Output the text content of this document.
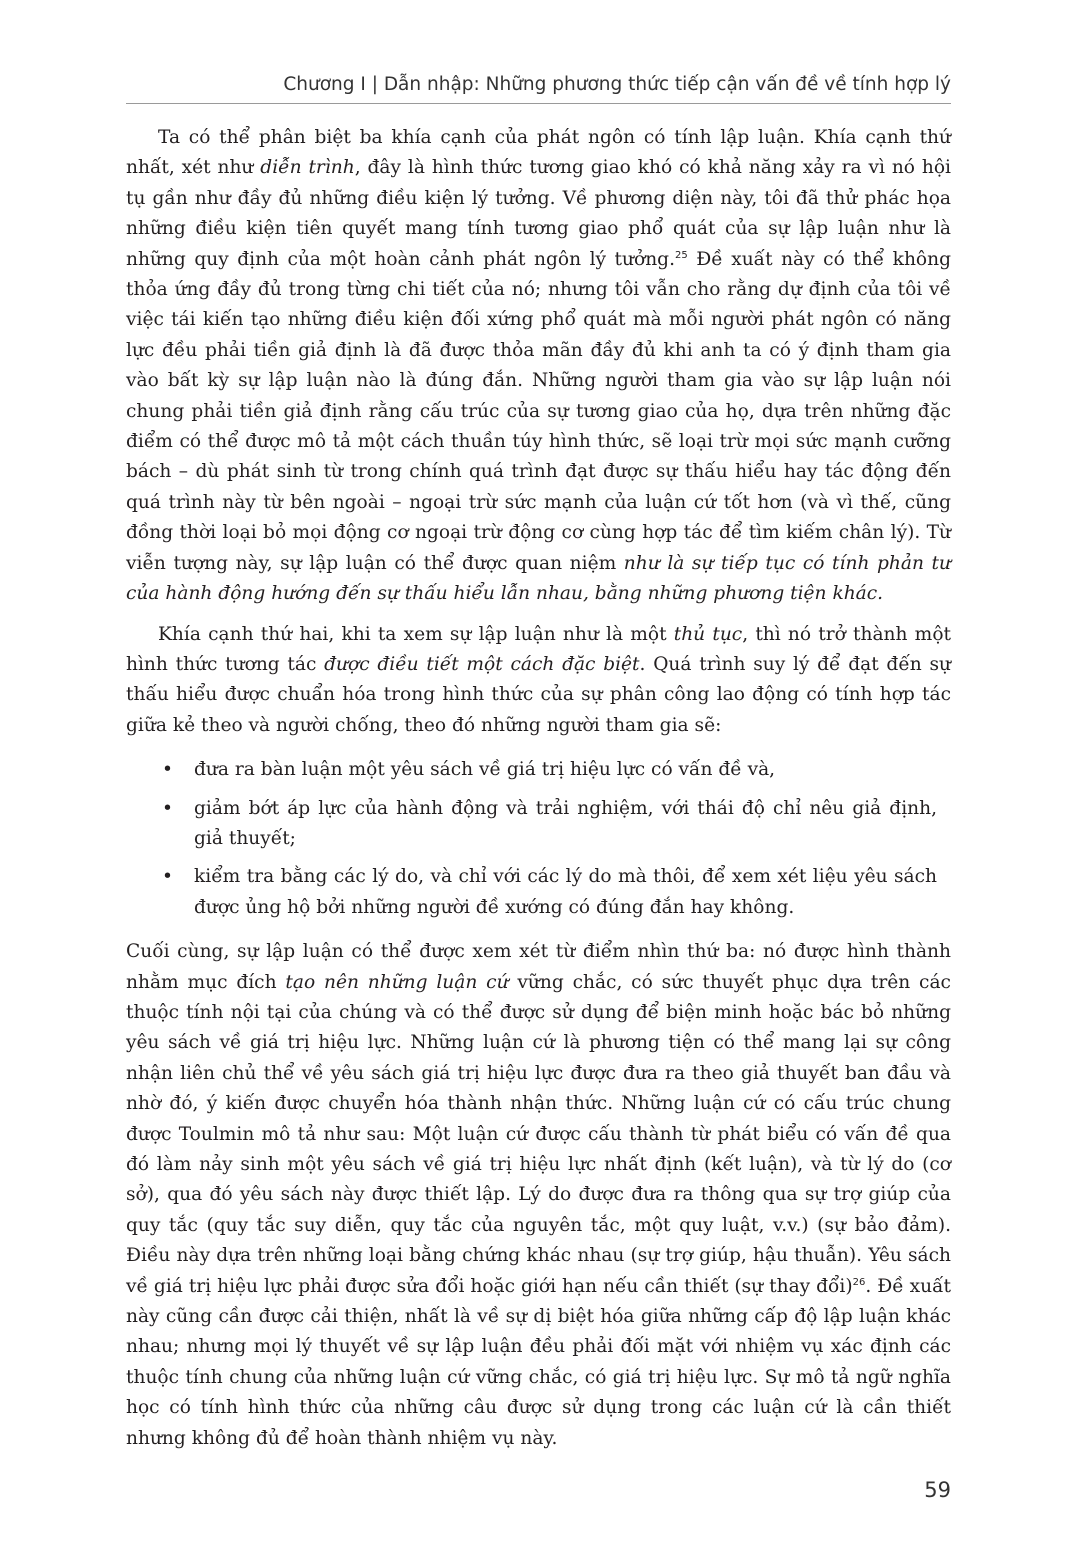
Chương I | Dẫn nhập: Những phương thức tiếp cận vấn đề về tính hợp lý

Ta có thể phân biệt ba khía cạnh của phát ngôn có tính lập luận. Khía cạnh thứ nhất, xét như diễn trình, đây là hình thức tương giao khó có khả năng xảy ra vì nó hội tụ gần như đầy đủ những điều kiện lý tưởng. Về phương diện này, tôi đã thử phác họa những điều kiện tiên quyết mang tính tương giao phổ quát của sự lập luận như là những quy định của một hoàn cảnh phát ngôn lý tưởng.$^{25}$ Đề xuất này có thể không thỏa ứng đầy đủ trong từng chi tiết của nó; nhưng tôi vẫn cho rằng dự định của tôi về việc tái kiến tạo những điều kiện đối xứng phổ quát mà mỗi người phát ngôn có năng lực đều phải tiền giả định là đã được thỏa mãn đầy đủ khi anh ta có ý định tham gia vào bất kỳ sự lập luận nào là đúng đắn. Những người tham gia vào sự lập luận nói chung phải tiền giả định rằng cấu trúc của sự tương giao của họ, dựa trên những đặc điểm có thể được mô tả một cách thuần túy hình thức, sẽ loại trừ mọi sức mạnh cưỡng bách – dù phát sinh từ trong chính quá trình đạt được sự thấu hiểu hay tác động đến quá trình này từ bên ngoài – ngoại trừ sức mạnh của luận cứ tốt hơn (và vì thế, cũng đồng thời loại bỏ mọi động cơ ngoại trừ động cơ cùng hợp tác để tìm kiếm chân lý). Từ viễn tượng này, sự lập luận có thể được quan niệm như là sự tiếp tục có tính phản tư của hành động hướng đến sự thấu hiểu lẫn nhau, bằng những phương tiện khác.

Khía cạnh thứ hai, khi ta xem sự lập luận như là một thủ tục, thì nó trở thành một hình thức tương tác được điều tiết một cách đặc biệt. Quá trình suy lý để đạt đến sự thấu hiểu được chuẩn hóa trong hình thức của sự phân công lao động có tính hợp tác giữa kẻ theo và người chống, theo đó những người tham gia sẽ:

• đưa ra bàn luận một yêu sách về giá trị hiệu lực có vấn đề và,
• giảm bớt áp lực của hành động và trải nghiệm, với thái độ chỉ nêu giả định, giả thuyết;
• kiểm tra bằng các lý do, và chỉ với các lý do mà thôi, để xem xét liệu yêu sách được ủng hộ bởi những người đề xướng có đúng đắn hay không.

Cuối cùng, sự lập luận có thể được xem xét từ điểm nhìn thứ ba: nó được hình thành nhằm mục đích tạo nên những luận cứ vững chắc, có sức thuyết phục dựa trên các thuộc tính nội tại của chúng và có thể được sử dụng để biện minh hoặc bác bỏ những yêu sách về giá trị hiệu lực. Những luận cứ là phương tiện có thể mang lại sự công nhận liên chủ thể về yêu sách giá trị hiệu lực được đưa ra theo giả thuyết ban đầu và nhờ đó, ý kiến được chuyển hóa thành nhận thức. Những luận cứ có cấu trúc chung được Toulmin mô tả như sau: Một luận cứ được cấu thành từ phát biểu có vấn đề qua đó làm nảy sinh một yêu sách về giá trị hiệu lực nhất định (kết luận), và từ lý do (cơ sở), qua đó yêu sách này được thiết lập. Lý do được đưa ra thông qua sự trợ giúp của quy tắc (quy tắc suy diễn, quy tắc của nguyên tắc, một quy luật, v.v.) (sự bảo đảm). Điều này dựa trên những loại bằng chứng khác nhau (sự trợ giúp, hậu thuẫn). Yêu sách về giá trị hiệu lực phải được sửa đổi hoặc giới hạn nếu cần thiết (sự thay đổi)$^{26}$. Đề xuất này cũng cần được cải thiện, nhất là về sự dị biệt hóa giữa những cấp độ lập luận khác nhau; nhưng mọi lý thuyết về sự lập luận đều phải đối mặt với nhiệm vụ xác định các thuộc tính chung của những luận cứ vững chắc, có giá trị hiệu lực. Sự mô tả ngữ nghĩa học có tính hình thức của những câu được sử dụng trong các luận cứ là cần thiết nhưng không đủ để hoàn thành nhiệm vụ này.

59
